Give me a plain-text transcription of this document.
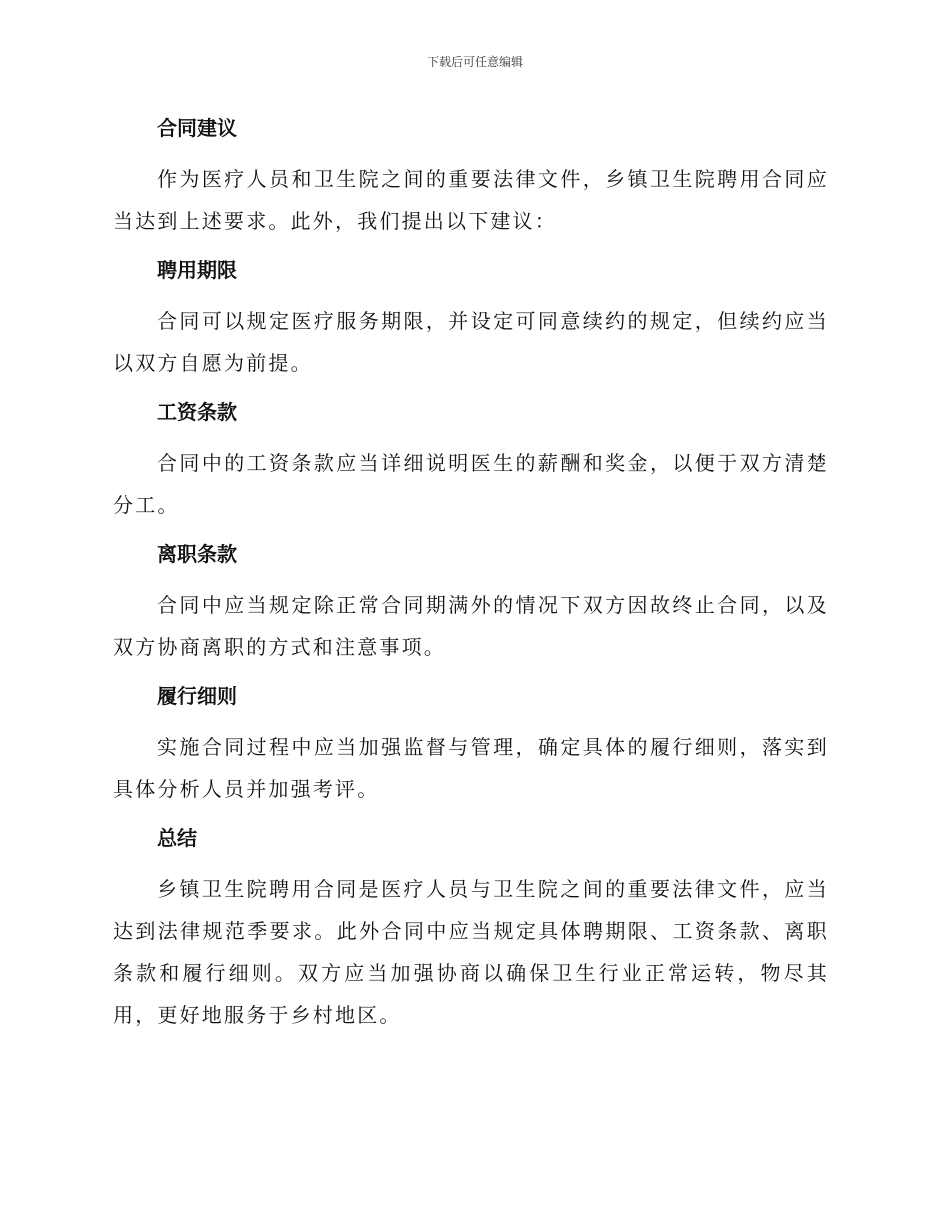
下载后可任意编辑
合同建议

作为医疗人员和卫生院之间的重要法律文件，乡镇卫生院聘用合同应当达到上述要求。此外，我们提出以下建议：

聘用期限

合同可以规定医疗服务期限，并设定可同意续约的规定，但续约应当以双方自愿为前提。

工资条款

合同中的工资条款应当详细说明医生的薪酬和奖金，以便于双方清楚分工。

离职条款

合同中应当规定除正常合同期满外的情况下双方因故终止合同，以及双方协商离职的方式和注意事项。

履行细则

实施合同过程中应当加强监督与管理，确定具体的履行细则，落实到具体分析人员并加强考评。

总结

乡镇卫生院聘用合同是医疗人员与卫生院之间的重要法律文件，应当达到法律规范季要求。此外合同中应当规定具体聘期限、工资条款、离职条款和履行细则。双方应当加强协商以确保卫生行业正常运转，物尽其用，更好地服务于乡村地区。
